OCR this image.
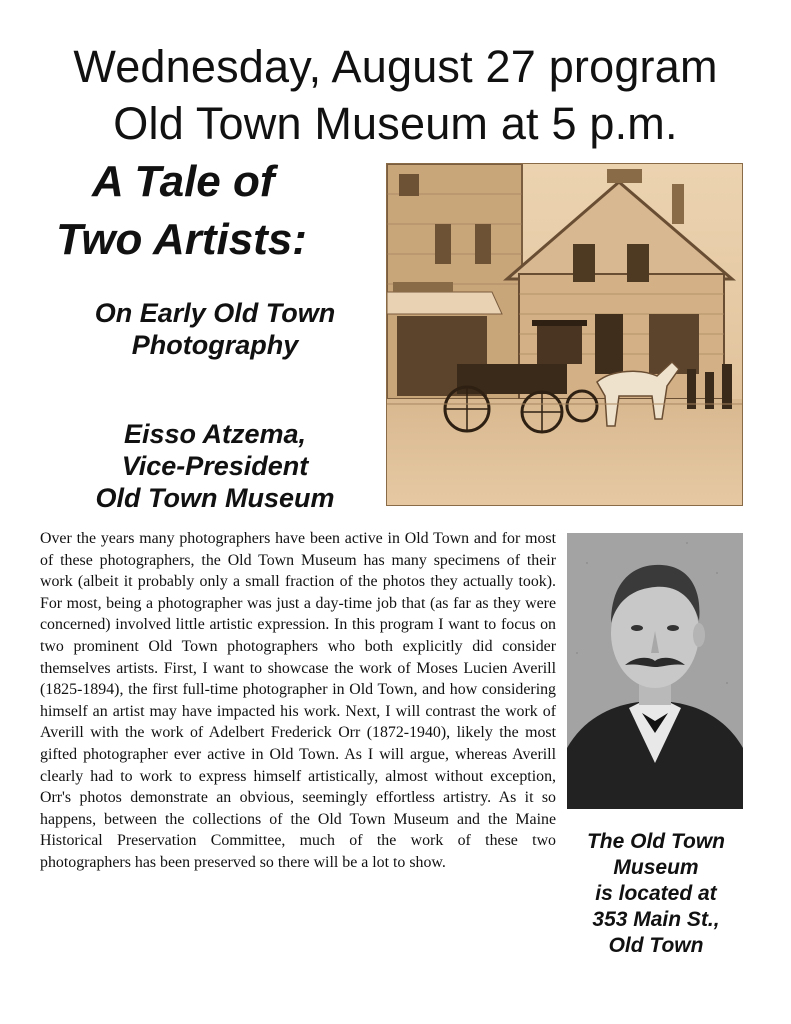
Wednesday, August 27 program
Old Town Museum at 5 p.m.
A Tale of
Two Artists:
On Early Old Town
Photography
Eisso Atzema,
Vice-President
Old Town Museum
Over the years many photographers have been active in Old Town and for most of these photographers, the Old Town Museum has many specimens of their work (albeit it probably only a small fraction of the photos they actually took). For most, being a photographer was just a day-time job that (as far as they were concerned) involved little artistic expression. In this program I want to focus on two prominent Old Town photographers who both explicitly did consider themselves artists. First, I want to showcase the work of Moses Lucien Averill (1825-1894), the first full-time photographer in Old Town, and how considering himself an artist may have impacted his work. Next, I will contrast the work of Averill with the work of Adelbert Frederick Orr (1872-1940), likely the most gifted photographer ever active in Old Town. As I will argue, whereas Averill clearly had to work to express himself artistically, almost without exception, Orr's photos demonstrate an obvious, seemingly effortless artistry. As it so happens, between the collections of the Old Town Museum and the Maine Historical Preservation Committee, much of the work of these two photographers has been preserved so there will be a lot to show.
The Old Town
Museum
is located at
353 Main St.,
Old Town
